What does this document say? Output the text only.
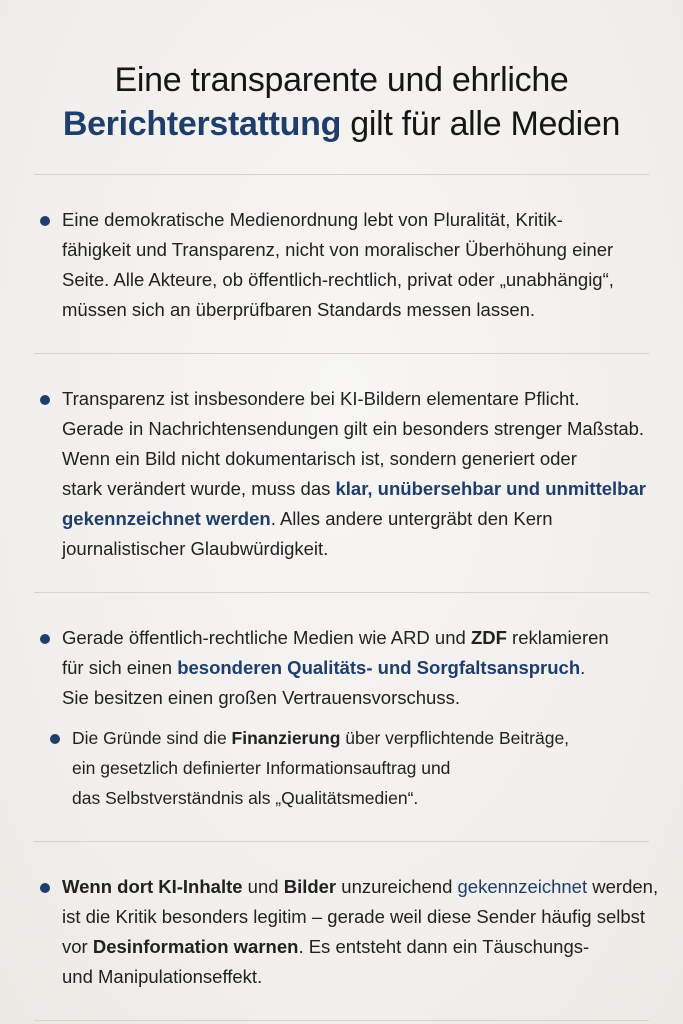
Eine transparente und ehrliche
Berichterstattung gilt für alle Medien
Eine demokratische Medienordnung lebt von Pluralität, Kritik-
fähigkeit und Transparenz, nicht von moralischer Überhöhung einer
Seite. Alle Akteure, ob öffentlich-rechtlich, privat oder „unabhängig“,
müssen sich an überprüfbaren Standards messen lassen.
Transparenz ist insbesondere bei KI-Bildern elementare Pflicht.
Gerade in Nachrichtensendungen gilt ein besonders strenger Maßstab.
Wenn ein Bild nicht dokumentarisch ist, sondern generiert oder
stark verändert wurde, muss das klar, unübersehbar und unmittelbar
gekennzeichnet werden. Alles andere untergräbt den Kern
journalistischer Glaubwürdigkeit.
Gerade öffentlich-rechtliche Medien wie ARD und ZDF reklamieren
für sich einen besonderen Qualitäts- und Sorgfaltsanspruch.
Sie besitzen einen großen Vertrauensvorschuss.
Die Gründe sind die Finanzierung über verpflichtende Beiträge,
ein gesetzlich definierter Informationsauftrag und
das Selbstverständnis als „Qualitätsmedien“.
Wenn dort KI-Inhalte und Bilder unzureichend gekennzeichnet werden,
ist die Kritik besonders legitim – gerade weil diese Sender häufig selbst
vor Desinformation warnen. Es entsteht dann ein Täuschungs-
und Manipulationseffekt.
